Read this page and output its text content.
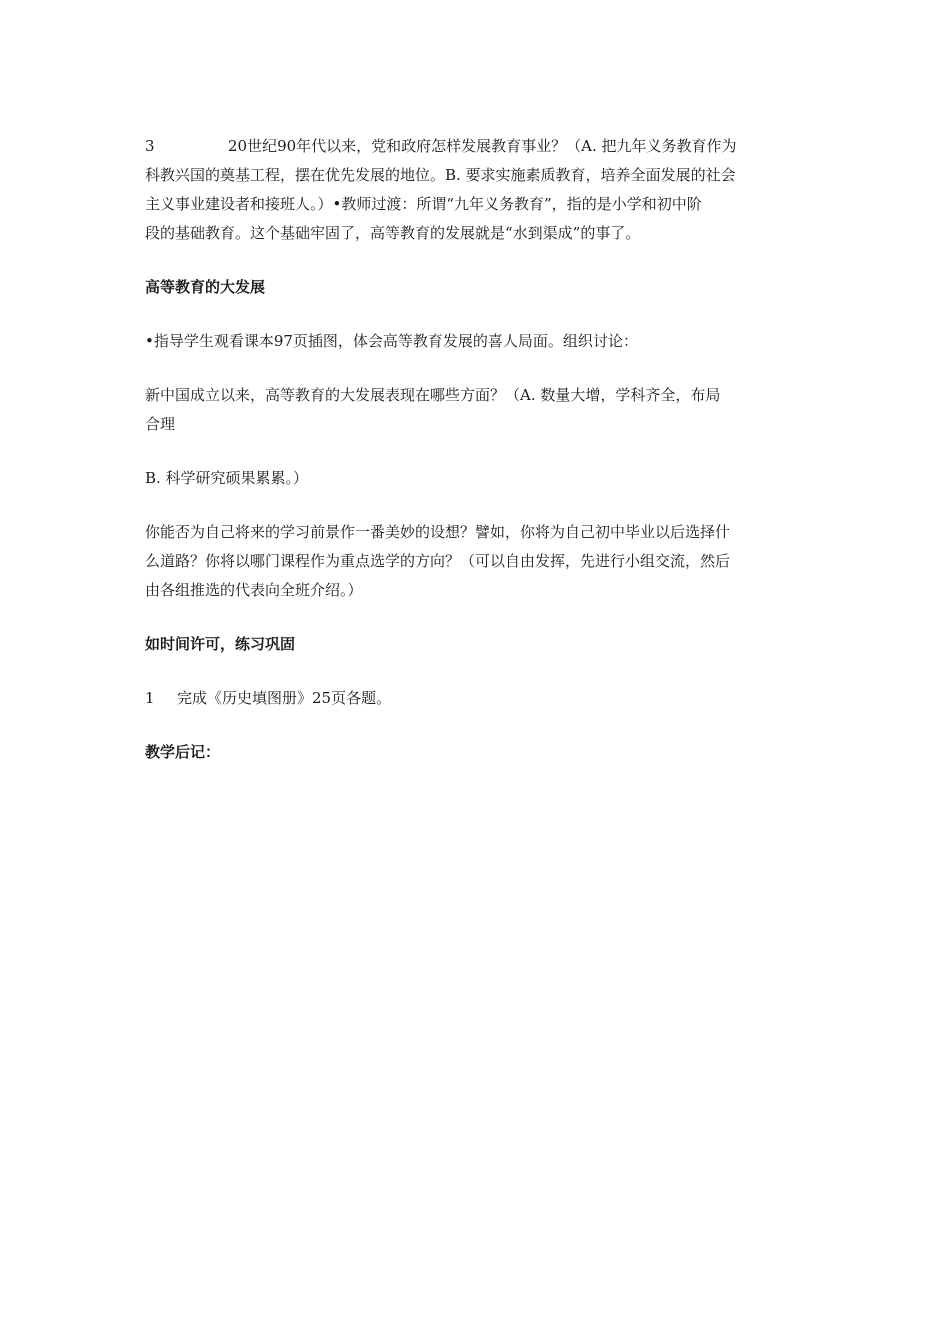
3	20世纪90年代以来，党和政府怎样发展教育事业？（A. 把九年义务教育作为
科教兴国的奠基工程，摆在优先发展的地位。B. 要求实施素质教育，培养全面发展的社会
主义事业建设者和接班人。）•教师过渡：所谓“九年义务教育”，指的是小学和初中阶
段的基础教育。这个基础牢固了，高等教育的发展就是“水到渠成”的事了。
高等教育的大发展
•指导学生观看课本97页插图，体会高等教育发展的喜人局面。组织讨论：
新中国成立以来，高等教育的大发展表现在哪些方面？（A. 数量大增，学科齐全，布局
合理
B. 科学研究硕果累累。）
你能否为自己将来的学习前景作一番美妙的设想？譬如，你将为自己初中毕业以后选择什
么道路？你将以哪门课程作为重点选学的方向？（可以自由发挥，先进行小组交流，然后
由各组推选的代表向全班介绍。）
如时间许可，练习巩固
1 完成《历史填图册》25页各题。
教学后记：
